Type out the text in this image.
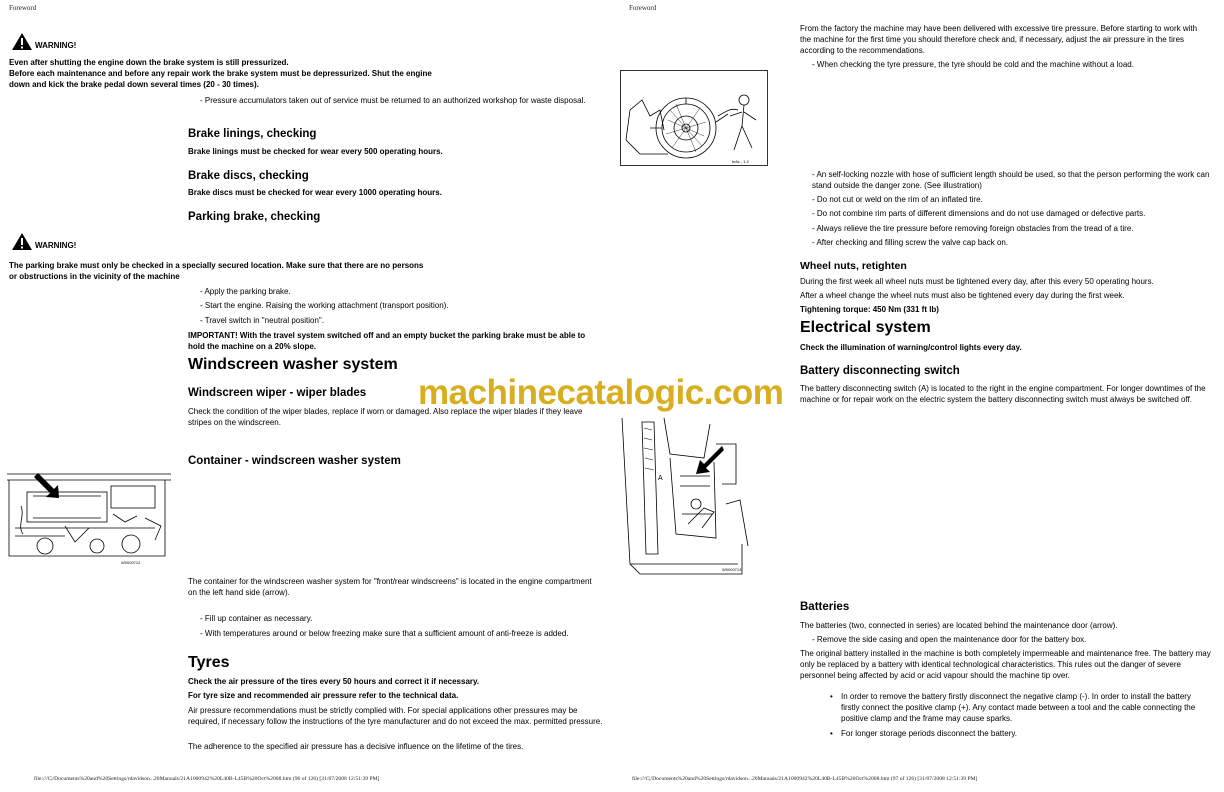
Foreword
WARNING!
Even after shutting the engine down the brake system is still pressurized.
Before each maintenance and before any repair work the brake system must be depressurized. Shut the engine
down and kick the brake pedal down several times (20 - 30 times).
- Pressure accumulators taken out of service must be returned to an authorized workshop for waste disposal.
Brake linings, checking
Brake linings must be checked for wear every 500 operating hours.
Brake discs, checking
Brake discs must be checked for wear every 1000 operating hours.
Parking brake, checking
WARNING!
The parking brake must only be checked in a specially secured location. Make sure that there are no persons
or obstructions in the vicinity of the machine
- Apply the parking brake.
- Start the engine. Raising the working attachment (transport position).
- Travel switch in "neutral position".
IMPORTANT! With the travel system switched off and an empty bucket the parking brake must be able to hold the machine on a 20% slope.
Windscreen washer system
Windscreen wiper - wiper blades
Check the condition of the wiper blades, replace if worn or damaged. Also replace the wiper blades if they leave stripes on the windscreen.
Container - windscreen washer system
W0000712
The container for the windscreen washer system for "front/rear windscreens" is located in the engine compartment on the left hand side (arrow).
- Fill up container as necessary.
- With temperatures around or below freezing make sure that a sufficient amount of anti-freeze is added.
Tyres
Check the air pressure of the tires every 50 hours and correct it if necessary.
For tyre size and recommended air pressure refer to the technical data.
Air pressure recommendations must be strictly complied with. For special applications other pressures may be required, if necessary follow the instructions of the tyre manufacturer and do not exceed the max. permitted pressure.
The adherence to the specified air pressure has a decisive influence on the lifetime of the tires.
file:///C|/Documents%20and%20Settings/rdavidson...20Manuals/21A1000942%20L40B-L45B%20Oct%2008.htm (96 of 126) [31/07/2008 12:51:39 PM]
Foreword
From the factory the machine may have been delivered with excessive tire pressure. Before starting to work with the machine for the first time you should therefore check and, if necessary, adjust the air pressure in the tires according to the recommendations.
- When checking the tyre pressure, the tyre should be cold and the machine without a load.
br8c - 1.0
- An self-locking nozzle with hose of sufficient length should be used, so that the person performing the work can stand outside the danger zone. (See illustration)
- Do not cut or weld on the rim of an inflated tire.
- Do not combine rim parts of different dimensions and do not use damaged or defective parts.
- Always relieve the tire pressure before removing foreign obstacles from the tread of a tire.
- After checking and filling screw the valve cap back on.
Wheel nuts, retighten
During the first week all wheel nuts must be tightened every day, after this every 50 operating hours.
After a wheel change the wheel nuts must also be tightened every day during the first week.
Tightening torque: 450 Nm (331 ft lb)
Electrical system
Check the illumination of warning/control lights every day.
Battery disconnecting switch
The battery disconnecting switch (A) is located to the right in the engine compartment. For longer downtimes of the machine or for repair work on the electric system the battery disconnecting switch must always be switched off.
A
W0000713
Batteries
The batteries (two, connected in series) are located behind the maintenance door (arrow).
- Remove the side casing and open the maintenance door for the battery box.
The original battery installed in the machine is both completely impermeable and maintenance free. The battery may only be replaced by a battery with identical technological characteristics. This rules out the danger of severe personnel being affected by acid or acid vapour should the machine tip over.
• In order to remove the battery firstly disconnect the negative clamp (-). In order to install the battery firstly connect the positive clamp (+). Any contact made between a tool and the cable connecting the positive clamp and the frame may cause sparks.
• For longer storage periods disconnect the battery.
file:///C|/Documents%20and%20Settings/rdavidson...20Manuals/21A1000942%20L40B-L45B%20Oct%2008.htm (97 of 126) [31/07/2008 12:51:39 PM]
machinecatalogic.com
